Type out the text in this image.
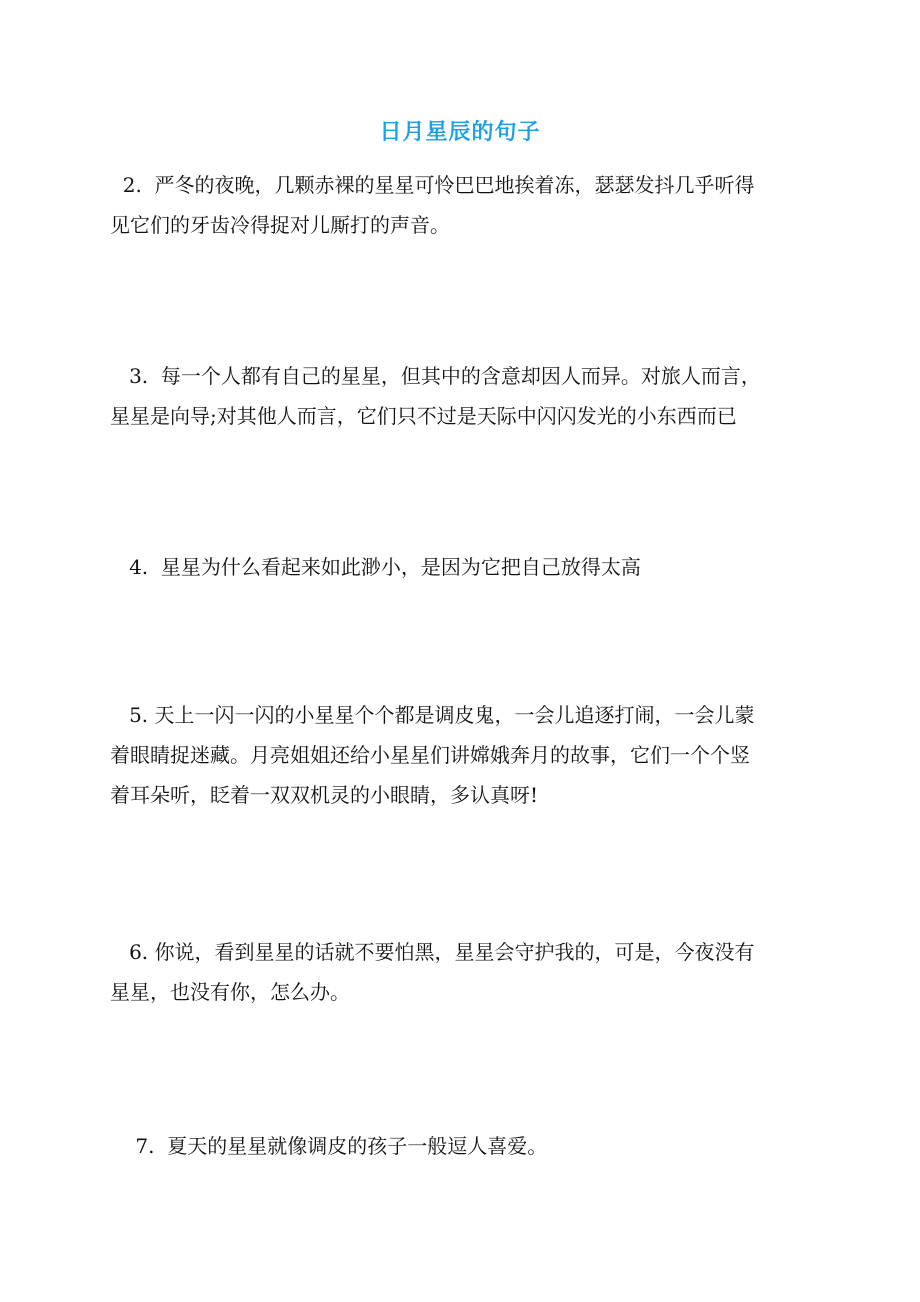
日月星辰的句子

2.  严冬的夜晚，几颗赤裸的星星可怜巴巴地挨着冻，瑟瑟发抖几乎听得
见它们的牙齿冷得捉对儿厮打的声音。

3.  每一个人都有自己的星星，但其中的含意却因人而异。对旅人而言，
星星是向导;对其他人而言，它们只不过是天际中闪闪发光的小东西而已

4.  星星为什么看起来如此渺小，是因为它把自己放得太高

5. 天上一闪一闪的小星星个个都是调皮鬼，一会儿追逐打闹，一会儿蒙
着眼睛捉迷藏。月亮姐姐还给小星星们讲嫦娥奔月的故事，它们一个个竖
着耳朵听，眨着一双双机灵的小眼睛，多认真呀!

6. 你说，看到星星的话就不要怕黑，星星会守护我的，可是，今夜没有
星星，也没有你，怎么办。

7.  夏天的星星就像调皮的孩子一般逗人喜爱。
